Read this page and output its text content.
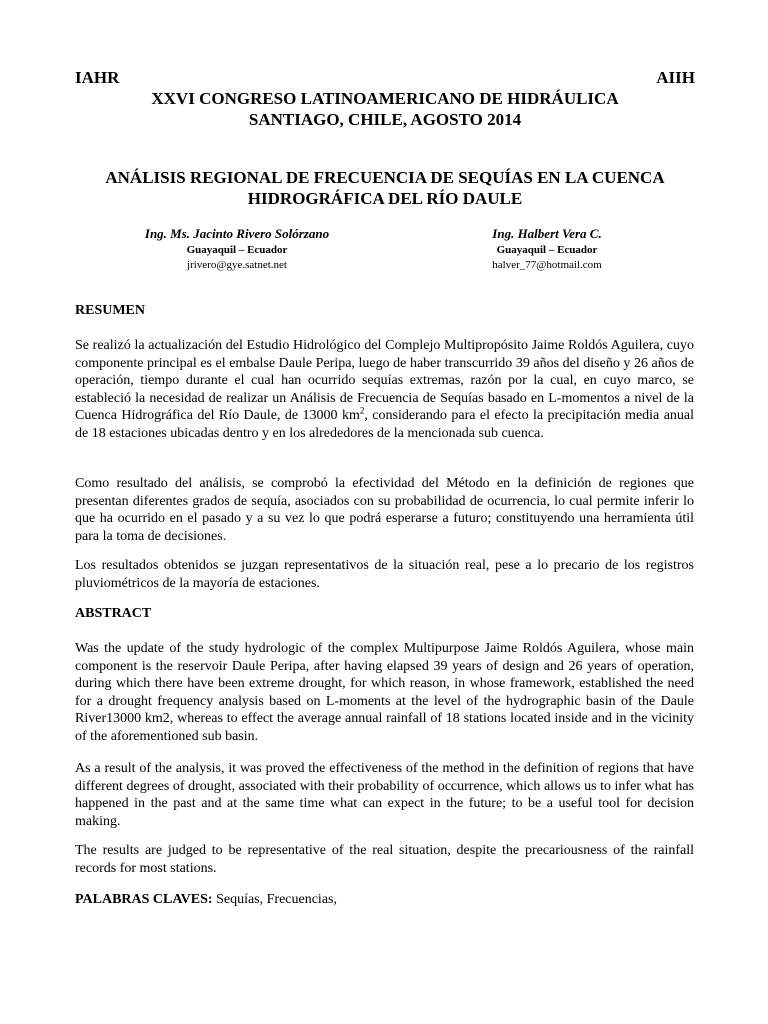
IAHR	AIIH
XXVI CONGRESO LATINOAMERICANO DE HIDRÁULICA
SANTIAGO, CHILE, AGOSTO 2014
ANÁLISIS REGIONAL DE FRECUENCIA DE SEQUÍAS EN LA CUENCA
HIDROGRÁFICA DEL RÍO DAULE
Ing. Ms. Jacinto Rivero Solórzano
Guayaquil – Ecuador
jrivero@gye.satnet.net
Ing. Halbert Vera C.
Guayaquil – Ecuador
halver_77@hotmail.com
RESUMEN

Se realizó la actualización del Estudio Hidrológico del Complejo Multipropósito Jaime Roldós Aguilera, cuyo componente principal es el embalse Daule Peripa, luego de haber transcurrido 39 años del diseño y 26 años de operación, tiempo durante el cual han ocurrido sequías extremas, razón por la cual, en cuyo marco, se estableció la necesidad de realizar un Análisis de Frecuencia de Sequías basado en L-momentos a nivel de la Cuenca Hidrográfica del Río Daule, de 13000 $km^2$, considerando para el efecto la precipitación media anual de 18 estaciones ubicadas dentro y en los alrededores de la mencionada sub cuenca.

Como resultado del análisis, se comprobó la efectividad del Método en la definición de regiones que presentan diferentes grados de sequía, asociados con su probabilidad de ocurrencia, lo cual permite inferir lo que ha ocurrido en el pasado y a su vez lo que podrá esperarse a futuro; constituyendo una herramienta útil para la toma de decisiones.

Los resultados obtenidos se juzgan representativos de la situación real, pese a lo precario de los registros pluviométricos de la mayoría de estaciones.

ABSTRACT

Was the update of the study hydrologic of the complex Multipurpose Jaime Roldós Aguilera, whose main component is the reservoir Daule Peripa, after having elapsed 39 years of design and 26 years of operation, during which there have been extreme drought, for which reason, in whose framework, established the need for a drought frequency analysis based on L-moments at the level of the hydrographic basin of the Daule River13000 km2, whereas to effect the average annual rainfall of 18 stations located inside and in the vicinity of the aforementioned sub basin.

As a result of the analysis, it was proved the effectiveness of the method in the definition of regions that have different degrees of drought, associated with their probability of occurrence, which allows us to infer what has happened in the past and at the same time what can expect in the future; to be a useful tool for decision making.

The results are judged to be representative of the real situation, despite the precariousness of the rainfall records for most stations.

PALABRAS CLAVES: Sequías, Frecuencias,
